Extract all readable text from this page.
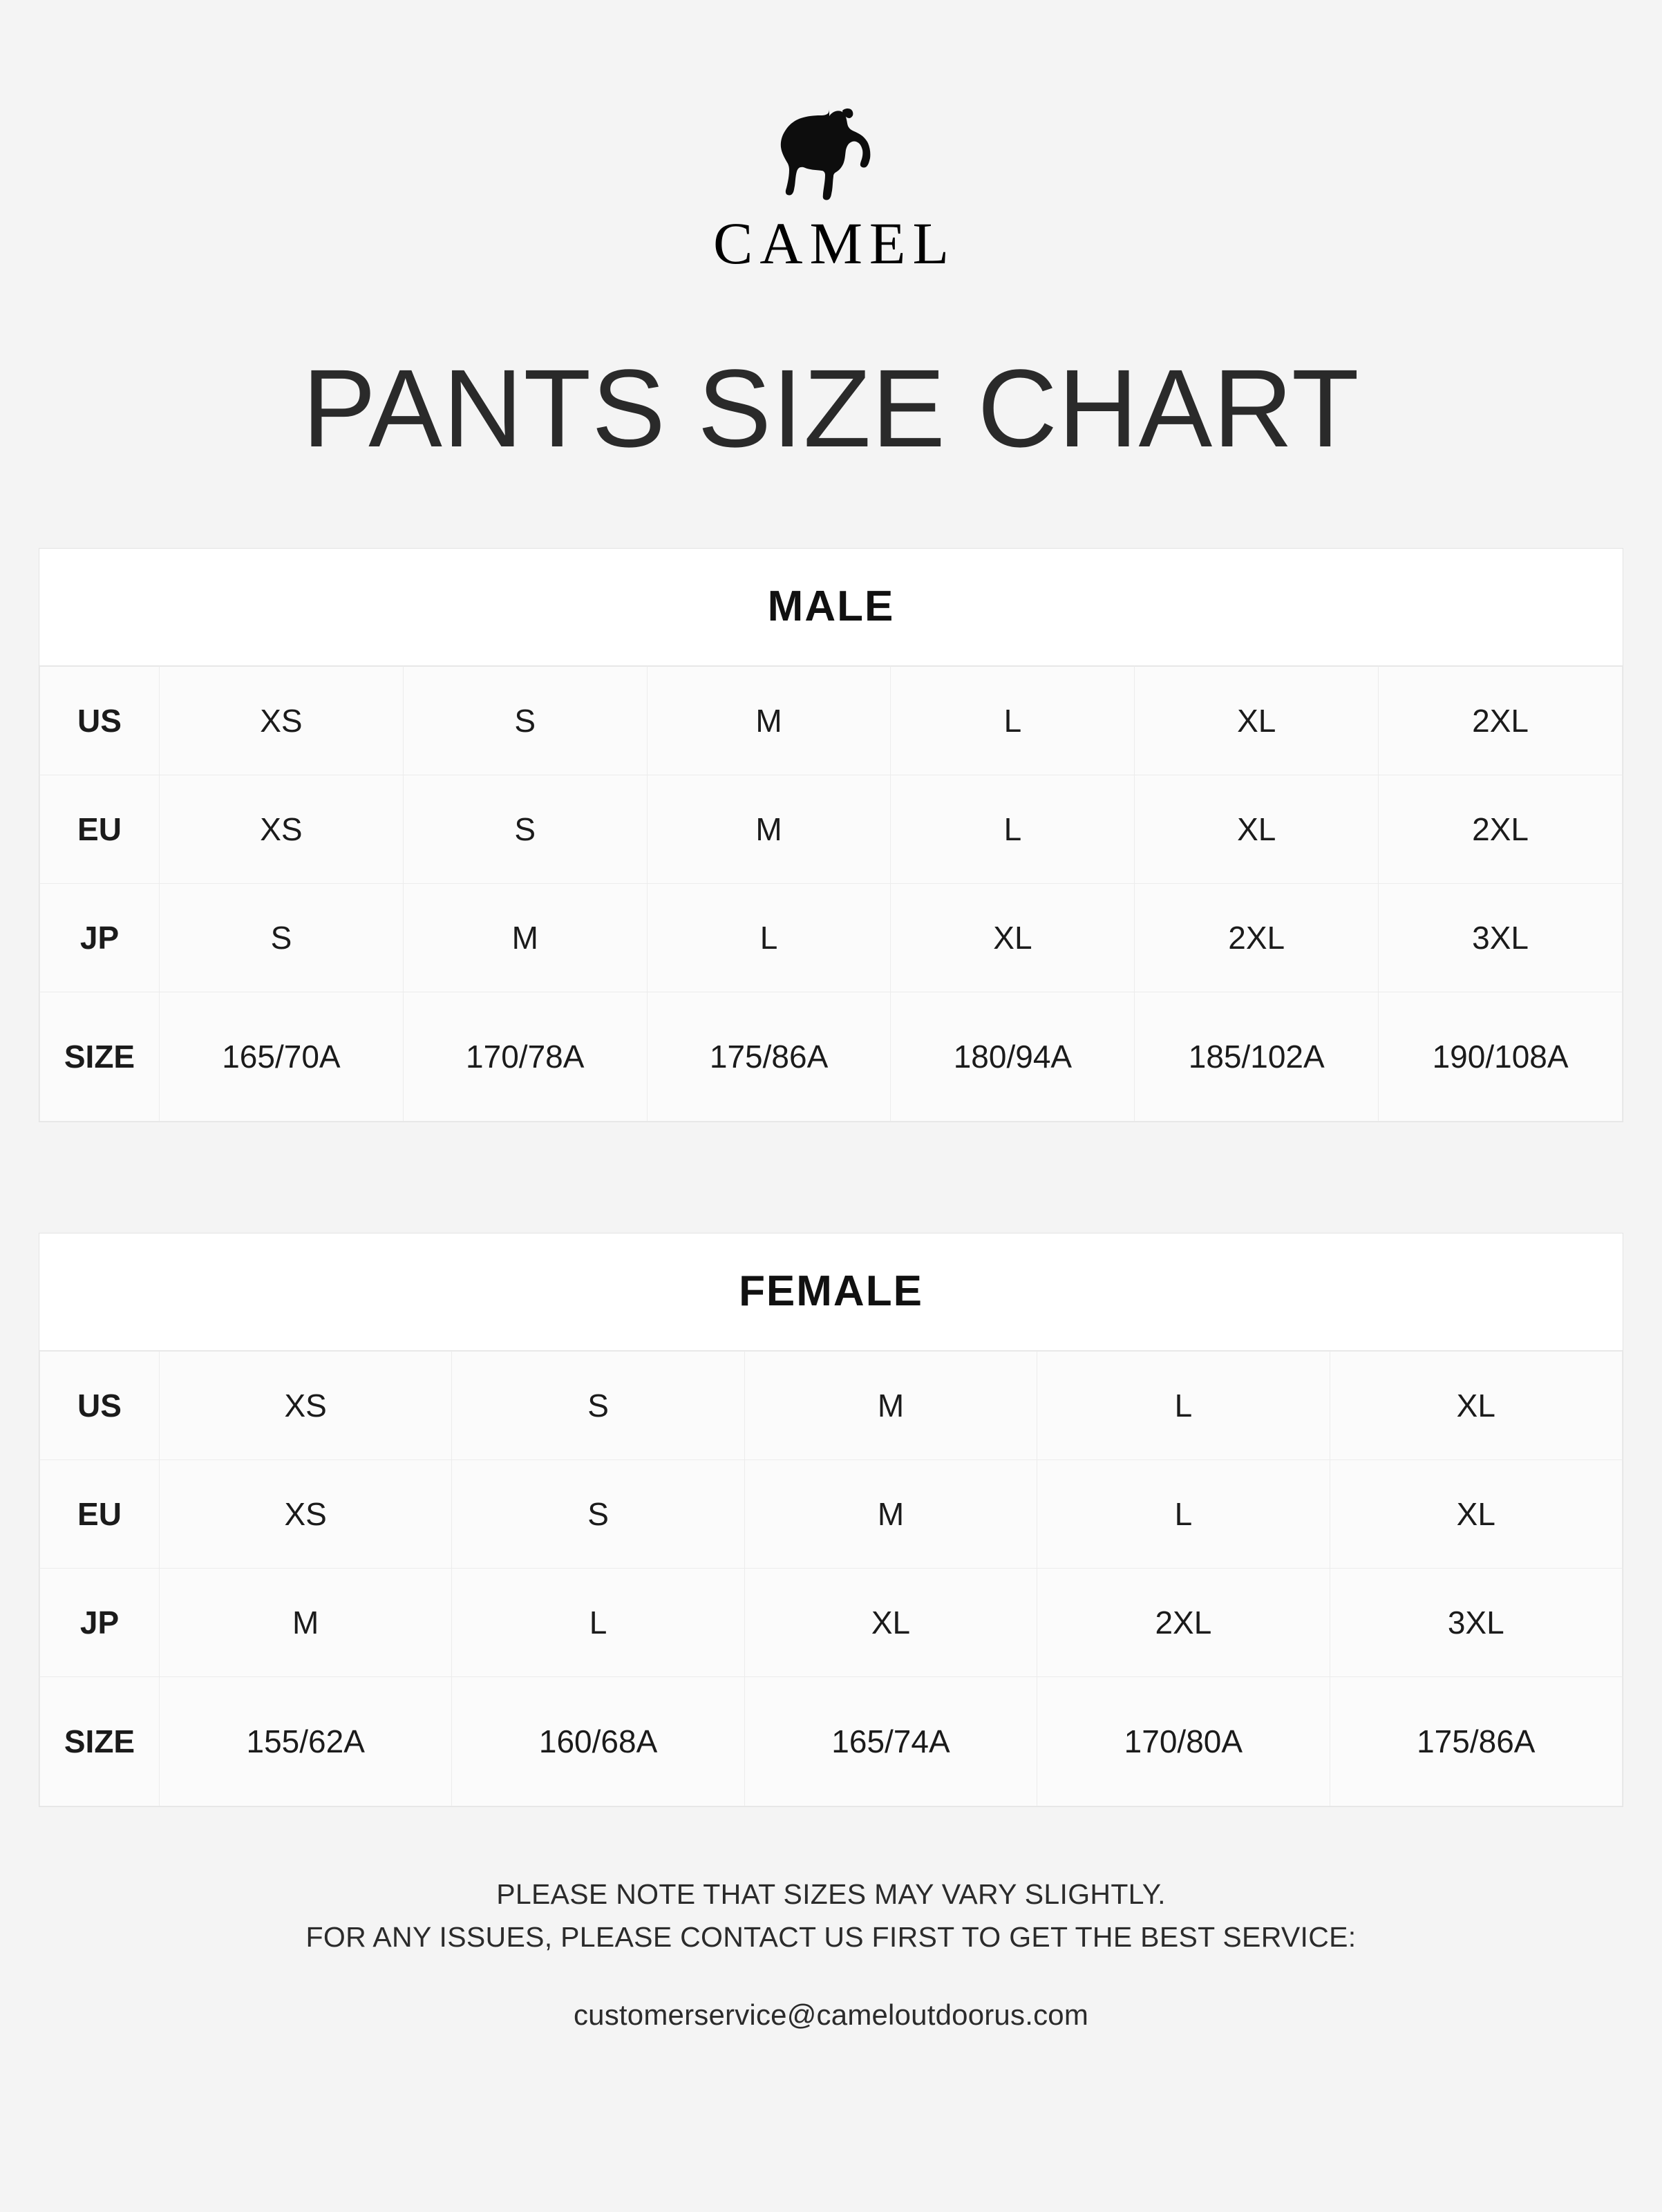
CAMEL
PANTS SIZE CHART
MALE
US	XS	S	M	L	XL	2XL
EU	XS	S	M	L	XL	2XL
JP	S	M	L	XL	2XL	3XL
SIZE	165/70A	170/78A	175/86A	180/94A	185/102A	190/108A
FEMALE
US	XS	S	M	L	XL
EU	XS	S	M	L	XL
JP	M	L	XL	2XL	3XL
SIZE	155/62A	160/68A	165/74A	170/80A	175/86A
PLEASE NOTE THAT SIZES MAY VARY SLIGHTLY.
FOR ANY ISSUES, PLEASE CONTACT US FIRST TO GET THE BEST SERVICE:
customerservice@cameloutdoorus.com
